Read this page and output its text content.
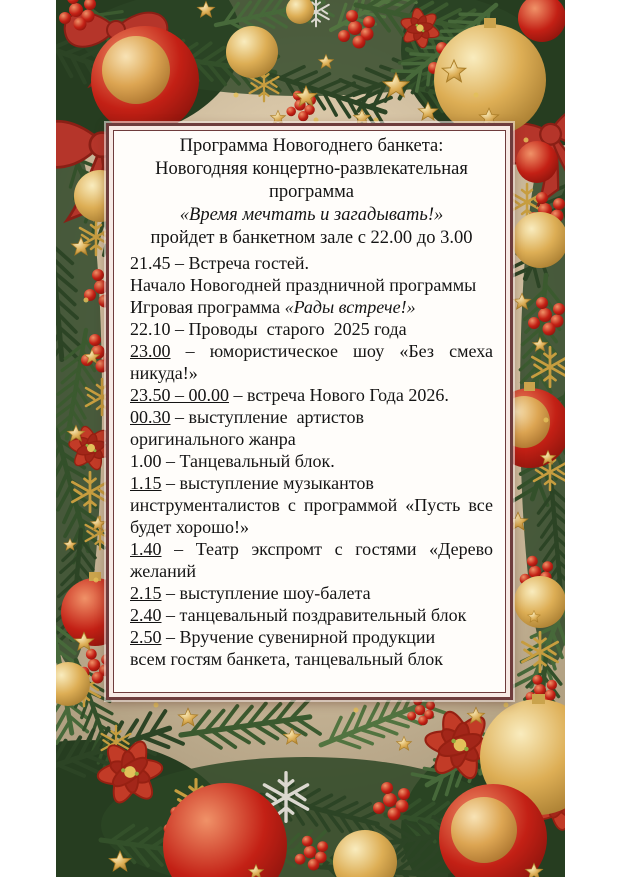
Программа Новогоднего банкета:
Новогодняя концертно-развлекательная программа
«Время мечтать и загадывать!»
пройдет в банкетном зале с 22.00 до 3.00
21.45 – Встреча гостей.
Начало Новогодней праздничной программы
Игровая программа «Рады встрече!»
22.10 – Проводы  старого  2025 года
23.00 – юмористическое шоу «Без смеха никуда!»
23.50 – 00.00 – встреча Нового Года 2026.
00.30 – выступление  артистов
оригинального жанра
1.00 – Танцевальный блок.
1.15 – выступление музыкантов
инструменталистов с программой «Пусть все будет хорошо!»
1.40 – Театр экспромт с гостями «Дерево желаний
2.15 – выступление шоу-балета
2.40 – танцевальный поздравительный блок
2.50 – Вручение сувенирной продукции
всем гостям банкета, танцевальный блок
